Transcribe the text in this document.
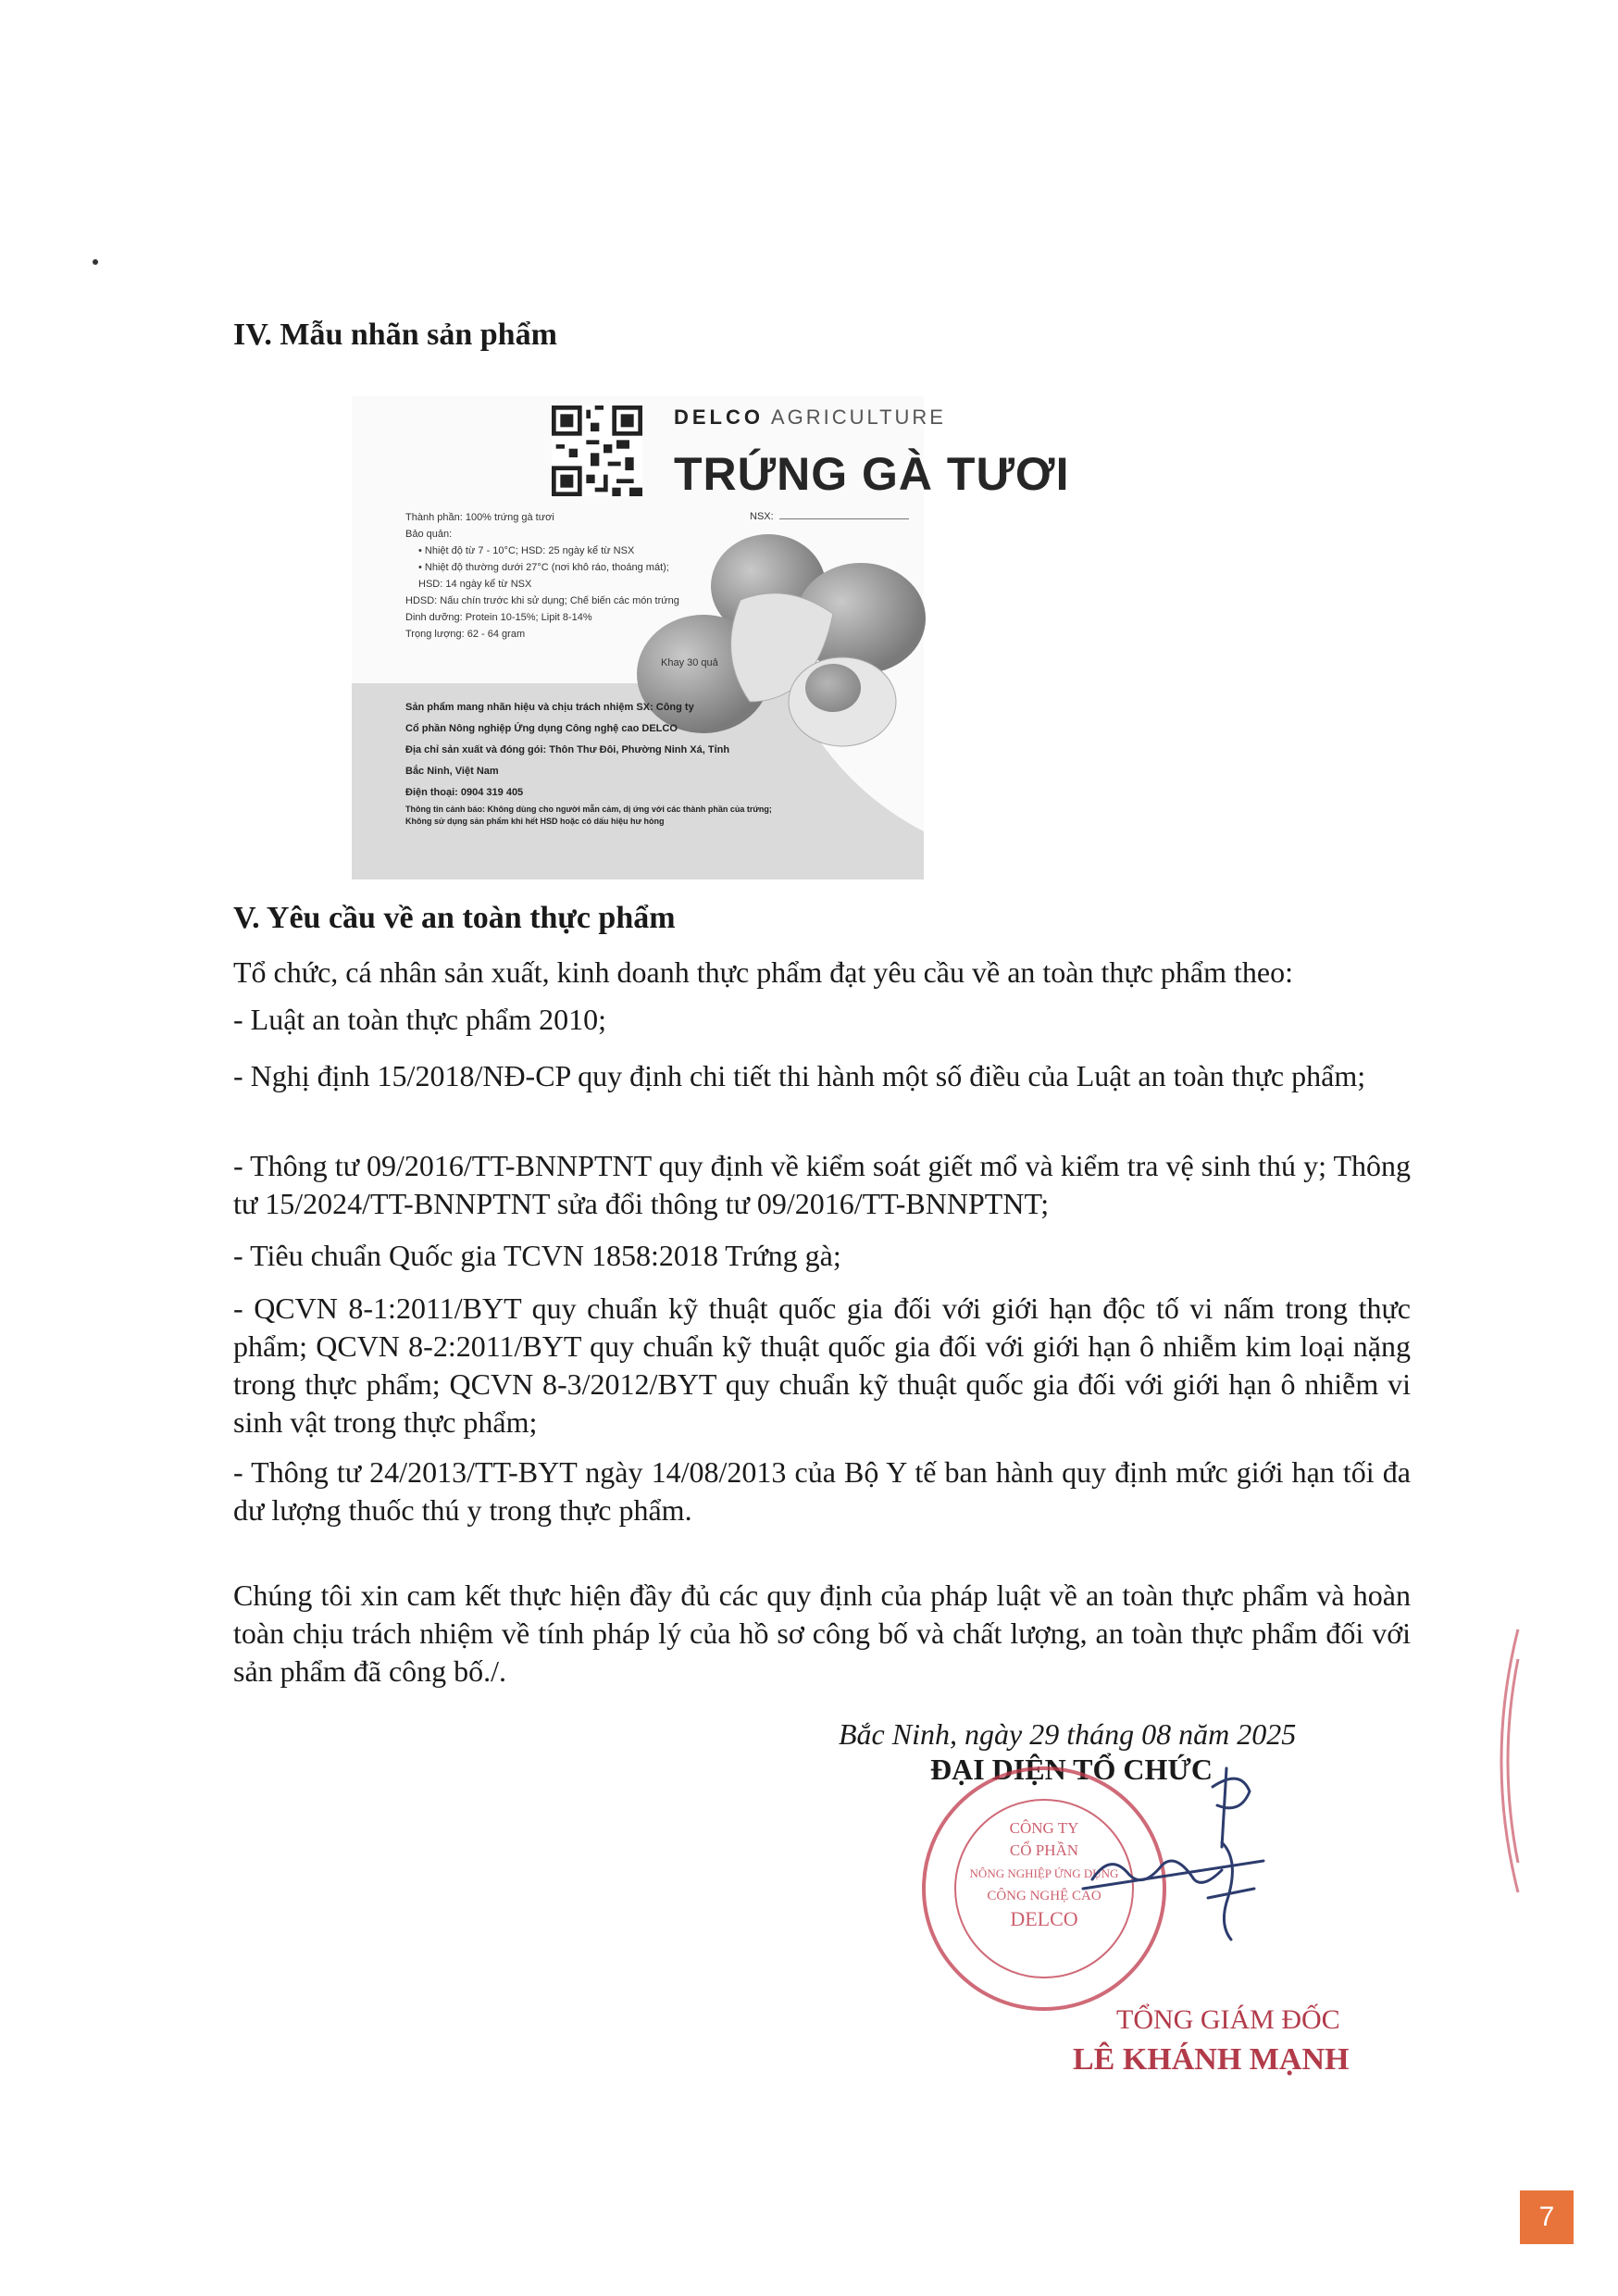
IV. Mẫu nhãn sản phẩm
DELCO AGRICULTURE
TRỨNG GÀ TƯƠI
NSX:
Thành phần: 100% trứng gà tươi
Bảo quản:
• Nhiệt độ từ 7 - 10°C; HSD: 25 ngày kể từ NSX
• Nhiệt độ thường dưới 27°C (nơi khô ráo, thoáng mát);
HSD: 14 ngày kể từ NSX
HDSD: Nấu chín trước khi sử dụng; Chế biến các món trứng
Dinh dưỡng: Protein 10-15%; Lipit 8-14%
Trọng lượng: 62 - 64 gram
Khay 30 quả
Sản phẩm mang nhãn hiệu và chịu trách nhiệm SX: Công ty
Cổ phần Nông nghiệp Ứng dụng Công nghệ cao DELCO
Địa chỉ sản xuất và đóng gói: Thôn Thư Đôi, Phường Ninh Xá, Tỉnh
Bắc Ninh, Việt Nam
Điện thoại: 0904 319 405
Thông tin cảnh báo: Không dùng cho người mẫn cảm, dị ứng với các thành phần của trứng;
Không sử dụng sản phẩm khi hết HSD hoặc có dấu hiệu hư hỏng
V. Yêu cầu về an toàn thực phẩm
Tổ chức, cá nhân sản xuất, kinh doanh thực phẩm đạt yêu cầu về an toàn thực phẩm theo:
- Luật an toàn thực phẩm 2010;
- Nghị định 15/2018/NĐ-CP quy định chi tiết thi hành một số điều của Luật an toàn thực phẩm;
- Thông tư 09/2016/TT-BNNPTNT quy định về kiểm soát giết mổ và kiểm tra vệ sinh thú y; Thông tư 15/2024/TT-BNNPTNT sửa đổi thông tư 09/2016/TT-BNNPTNT;
- Tiêu chuẩn Quốc gia TCVN 1858:2018 Trứng gà;
- QCVN 8-1:2011/BYT quy chuẩn kỹ thuật quốc gia đối với giới hạn độc tố vi nấm trong thực phẩm; QCVN 8-2:2011/BYT quy chuẩn kỹ thuật quốc gia đối với giới hạn ô nhiễm kim loại nặng trong thực phẩm; QCVN 8-3/2012/BYT quy chuẩn kỹ thuật quốc gia đối với giới hạn ô nhiễm vi sinh vật trong thực phẩm;
- Thông tư 24/2013/TT-BYT ngày 14/08/2013 của Bộ Y tế ban hành quy định mức giới hạn tối đa dư lượng thuốc thú y trong thực phẩm.
Chúng tôi xin cam kết thực hiện đầy đủ các quy định của pháp luật về an toàn thực phẩm và hoàn toàn chịu trách nhiệm về tính pháp lý của hồ sơ công bố và chất lượng, an toàn thực phẩm đối với sản phẩm đã công bố./.
Bắc Ninh, ngày 29 tháng 08 năm 2025
ĐẠI DIỆN TỔ CHỨC
CÔNG TY
CỔ PHẦN
NÔNG NGHIỆP ỨNG DỤNG
CÔNG NGHỆ CAO
DELCO
TỔNG GIÁM ĐỐC
LÊ KHÁNH MẠNH
7
